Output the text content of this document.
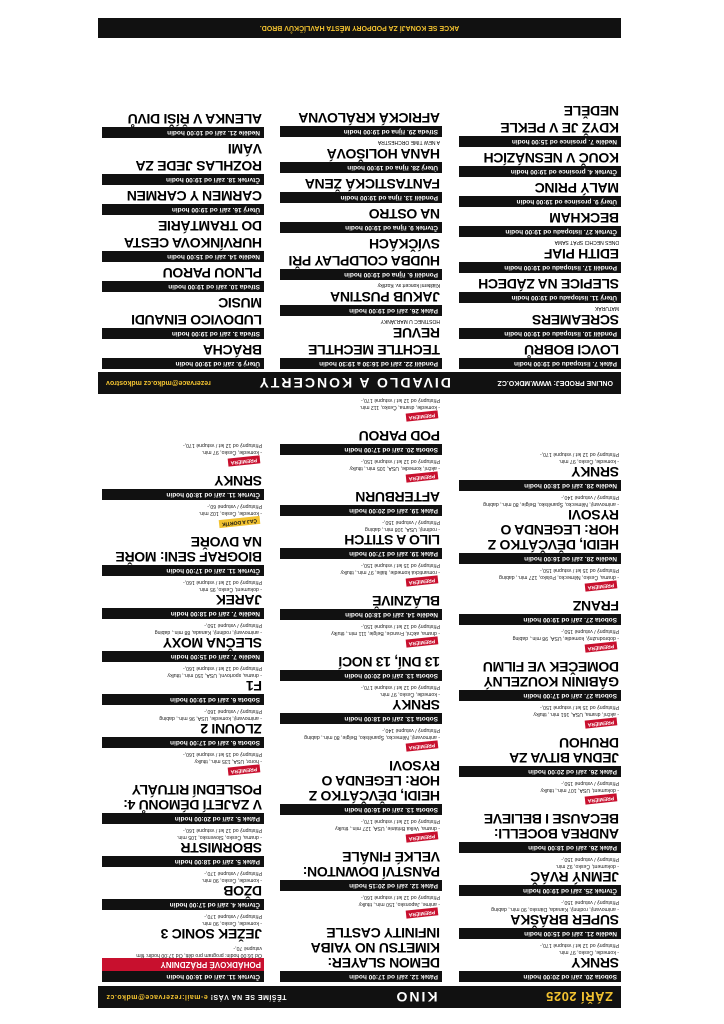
ZÁŘÍ 2025
KINO
TĚŠÍME SE NA VÁS! e-mail:rezervace@mdko.cz
Čtvrtek 11. září od 16:00 hodin
POHÁDKOVÉ PRÁZDNINY
Od 16:00 hodin: program pro děti, Od 17:00 hodin: film
vstupné 70,-
JEŽEK SONIC 3
- komedie, Česko, 90 min.
Přístupný / vstupné 170,-
Čtvrtek 4. září od 17:00 hodin
DŽOB
- komedie, Česko, 90 min.
Přístupný / vstupné 170,-
Pátek 5. září od 18:00 hodin
SBORMISTR
- drama, Česko, Slovensko, 105 min.
Přístupný od 12 let / vstupné 160,-
Pátek 5. září od 20:00 hodin
V ZAJETÍ DÉMONŮ 4: POSLEDNÍ RITUÁLY
PREMIÉRA
- horor, USA, 135 min., titulky
Přístupný od 15 let / vstupné 160,-
Sobota 6. září od 17:00 hodin
ZLOUNI 2
- animovaný, komedie, USA, 96 min., dabing
Přístupný / vstupné 160,-
Sobota 6. září od 19:00 hodin
F1
- drama, sportovní, USA, 150 min., titulky
Přístupný od 12 let / vstupné 160,-
Neděle 7. září od 15:00 hodin
SLEČNA MOXY
- animovaný, rodinný, Kanada, 88 min., dabing
Přístupný / vstupné 150,-
Neděle 7. září od 18:00 hodin
JAREK
- dokument, Česko, 95 min.
Přístupný od 12 let / vstupné 160,-
Čtvrtek 11. září od 17:00 hodin
BIOGRAF SENI: MOŘE NA DVOŘE
ČAJ A DORTÍK
- komedie, Česko, 102 min.
Přístupný / vstupné 60,-
Čtvrtek 11. září od 18:00 hodin
SRNKY
PREMIÉRA
- komedie, Česko, 97 min.
Přístupný od 12 let / vstupné 170,-
Pátek 12. září od 17:00 hodin
DEMON SLAYER: KIMETSU NO YAIBA INFINITY CASTLE
PREMIÉRA
- anime, Japonsko, 150 min., titulky
Přístupný od 12 let / vstupné 160,-
Pátek 12. září od 20:15 hodin
PANSTVÍ DOWNTON: VELKÉ FINÁLE
PREMIÉRA
- drama, Velká Británie, USA, 127 min., titulky
Přístupný od 12 let / vstupné 170,-
Sobota 13. září od 16:00 hodin
HEIDI, DĚVČÁTKO Z HOR: LEGENDA O RYSOVI
PREMIÉRA
- animovaný, Německo, Španělsko, Belgie, 80 min., dabing
Přístupný / vstupné 140,-
Sobota 13. září od 18:00 hodin
SRNKY
- komedie, Česko, 97 min.
Přístupný od 12 let / vstupné 170,-
Sobota 13. září od 20:00 hodin
13 DNÍ, 13 NOCÍ
PREMIÉRA
- drama, akční, Francie, Belgie, 111 min., titulky
Přístupný od 12 let / vstupné 150,-
Neděle 14. září od 18:00 hodin
BLÁZNIVĚ
PREMIÉRA
- romantická komedie, Itálie, 97 min., titulky
Přístupný od 15 let / vstupné 150,-
Pátek 19. září od 17:00 hodin
LILO A STITCH
- rodinný, USA, 108 min., dabing
Přístupný / vstupné 150,-
Pátek 19. září od 20:00 hodin
AFTERBURN
PREMIÉRA
- akční, komedie, USA, 105 min., titulky
Přístupný od 12 let / vstupné 150,-
Sobota 20. září od 17:00 hodin
POD PAROU
PREMIÉRA
- komedie, drama, Česko, 112 min.
Přístupný od 12 let / vstupné 170,-
Sobota 20. září od 20:00 hodin
SRNKY
- komedie, Česko, 97 min.
Přístupný od 12 let / vstupné 170,-
Neděle 21. září od 15:00 hodin
SUPER BRÁŠKA
- animovaný, rodinný, Kanada, Dánsko, 90 min., dabing
Přístupný / vstupné 150,-
Čtvrtek 25. září od 19:00 hodin
JEMNÝ RVÁČ
- dokument, Česko, 92 min.
Přístupný / vstupné 150,-
Pátek 26. září od 18:00 hodin
ANDREA BOCELLI: BECAUSE I BELIEVE
PREMIÉRA
- dokument, USA, 107 min., titulky
Přístupný / vstupné 150,-
Pátek 26. září od 20:00 hodin
JEDNA BITVA ZA DRUHOU
PREMIÉRA
- akční, drama, USA, 161 min., titulky
Přístupný od 15 let / vstupné 150,-
Sobota 27. září od 17:00 hodin
GÁBININ KOUZELNÝ DOMEČEK VE FILMU
PREMIÉRA
- dobrodružný, komedie, USA, 98 min., dabing
Přístupný / vstupné 150,-
Sobota 27. září od 19:00 hodin
FRANZ
PREMIÉRA
- drama, Česko, Německo, Polsko, 127 min., dabing
Přístupný od 15 let / vstupné 150,-
Neděle 28. září od 16:00 hodin
HEIDI, DĚVČÁTKO Z HOR: LEGENDA O RYSOVI
- animovaný, Německo, Španělsko, Belgie, 80 min., dabing
Přístupný / vstupné 140,-
Neděle 28. září od 18:00 hodin
SRNKY
- komedie, Česko, 97 min.
Přístupný od 12 let / vstupné 170,-
ONLINE PRODEJ: WWW.MDKO.CZ
DIVADLO A KONCERTY
rezervace@mdko.cz mdkostrov
Úterý 9. září od 19:00 hodin
BRÁCHA
Středa 3. září od 19:00 hodin
LUDOVICO EINAUDI MUSIC
Středa 10. září od 19:00 hodin
PLNOU PAROU
Neděle 14. září od 15:00 hodin
HURVÍNKOVA CESTA DO TRAMTÁRIE
Úterý 16. září od 19:00 hodin
CARMEN Y CARMEN
Čtvrtek 18. září od 19:00 hodin
ROZHLAS JEDE ZA VÁMI
Neděle 21. září od 10:00 hodin
ALENKA V ŘÍŠI DIVŮ
Pondělí 22. září od 16:30 a 19:30 hodin
TECHTLE MECHTLE REVUE
HOSTINEC U MARJÁNKY
Pátek 26. září od 19:00 hodin
JAKUB PUSTINA
Klášterní koncert sv. Kozlíky
Pondělí 6. října od 19:00 hodin
HUDBA COLDPLAY PŘI SVÍČKÁCH
Čtvrtek 9. října od 19:00 hodin
NA OSTRO
Pondělí 13. října od 19:00 hodin
FANTASTICKÁ ŽENA
Úterý 28. října od 19:00 hodin
HANA HOLIŠOVÁ
A NEW TIME ORCHESTRA
Středa 29. října od 19:00 hodin
AFRICKÁ KRÁLOVNA
Pátek 7. listopadu od 19:00 hodin
LOVCI BOBRŮ
Pondělí 10. listopadu od 19:00 hodin
SCREAMERS
MATURÁK
Úterý 11. listopadu od 19:00 hodin
SLEPICE NA ZÁDECH
Pondělí 17. listopadu od 19:00 hodin
EDITH PIAF
DNES NECHCI SPÁT SAMA
Čtvrtek 27. listopadu od 19:00 hodin
BECKHAM
Úterý 9. prosince od 19:00 hodin
MALÝ PRINC
Čtvrtek 4. prosince od 19:00 hodin
KOUČ V NESNÁZÍCH
Neděle 7. prosince od 15:00 hodin
KDYŽ JE V PEKLE NEDĚLE
AKCE SE KONAJÍ ZA PODPORY MĚSTA HAVLÍČKŮV BROD.
